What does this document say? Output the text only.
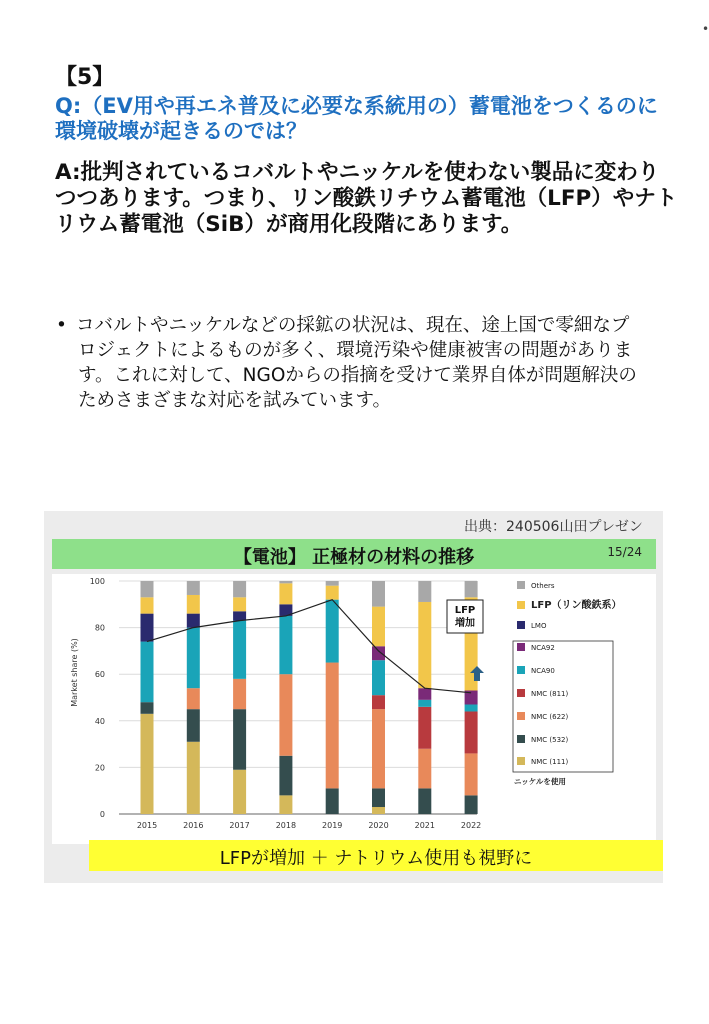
•
【5】
Q:（EV用や再エネ普及に必要な系統用の）蓄電池をつくるのに環境破壊が起きるのでは？
A:批判されているコバルトやニッケルを使わない製品に変わりつつあります。つまり、リン酸鉄リチウム蓄電池（LFP）やナトリウム蓄電池（SiB）が商用化段階にあります。
• コバルトやニッケルなどの採鉱の状況は、現在、途上国で零細なプロジェクトによるものが多く、環境汚染や健康被害の問題があります。これに対して、NGOからの指摘を受けて業界自体が問題解決のためさまざまな対応を試みています。
出典：240506山田プレゼン
【電池】 正極材の材料の推移	15/24
0
20
40
60
80
100
Market share (%)
2015	2016	2017	2018	2019	2020	2021	2022
LFP
増加
Others
LFP（リン酸鉄系）
LMO
NCA92
NCA90
NMC (811)
NMC (622)
NMC (532)
NMC (111)
ニッケルを使用
LFPが増加 ＋ ナトリウム使用も視野に
